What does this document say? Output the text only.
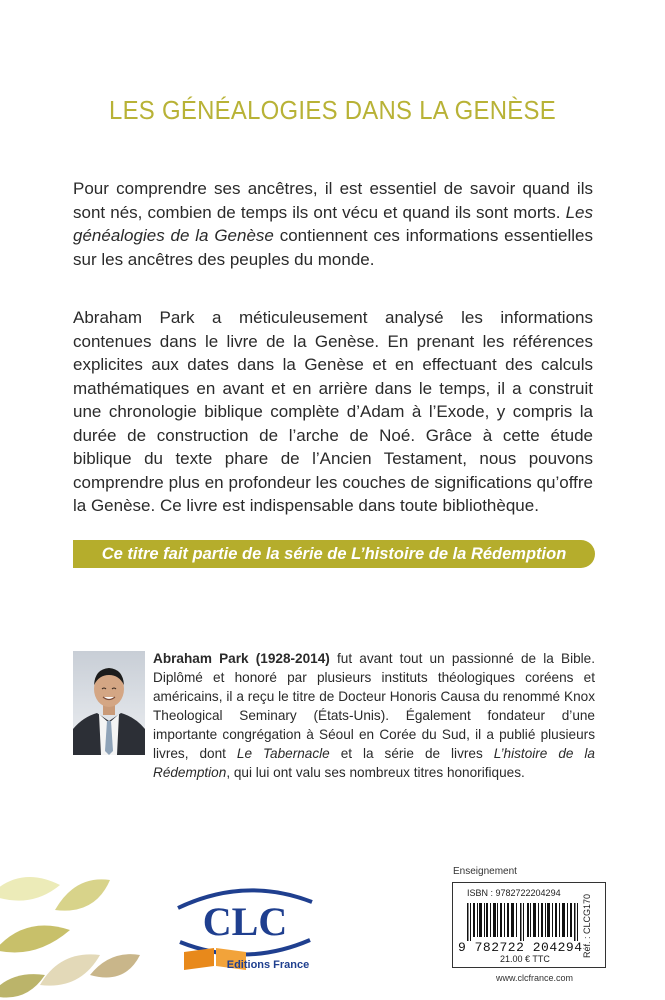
LES GÉNÉALOGIES DANS LA GENÈSE
Pour comprendre ses ancêtres, il est essentiel de savoir quand ils sont nés, combien de temps ils ont vécu et quand ils sont morts. Les généalogies de la Genèse contiennent ces informations essentielles sur les ancêtres des peuples du monde.
Abraham Park a méticuleusement analysé les informations contenues dans le livre de la Genèse. En prenant les références explicites aux dates dans la Genèse et en effectuant des calculs mathématiques en avant et en arrière dans le temps, il a construit une chronologie biblique complète d’Adam à l’Exode, y compris la durée de construction de l’arche de Noé. Grâce à cette étude biblique du texte phare de l’Ancien Testament, nous pouvons comprendre plus en profondeur les couches de significations qu’offre la Genèse. Ce livre est indispensable dans toute bibliothèque.
Ce titre fait partie de la série de L’histoire de la Rédemption
Abraham Park (1928-2014) fut avant tout un passionné de la Bible. Diplômé et honoré par plusieurs instituts théologiques coréens et américains, il a reçu le titre de Docteur Honoris Causa du renommé Knox Theological Seminary (États-Unis). Également fondateur d’une importante congrégation à Séoul en Corée du Sud, il a publié plusieurs livres, dont Le Tabernacle et la série de livres L’histoire de la Rédemption, qui lui ont valu ses nombreux titres honorifiques.
CLC
Editions France
Enseignement
ISBN : 9782722204294
9 782722 204294
21.00 € TTC
Réf. : CLCG170
www.clcfrance.com
